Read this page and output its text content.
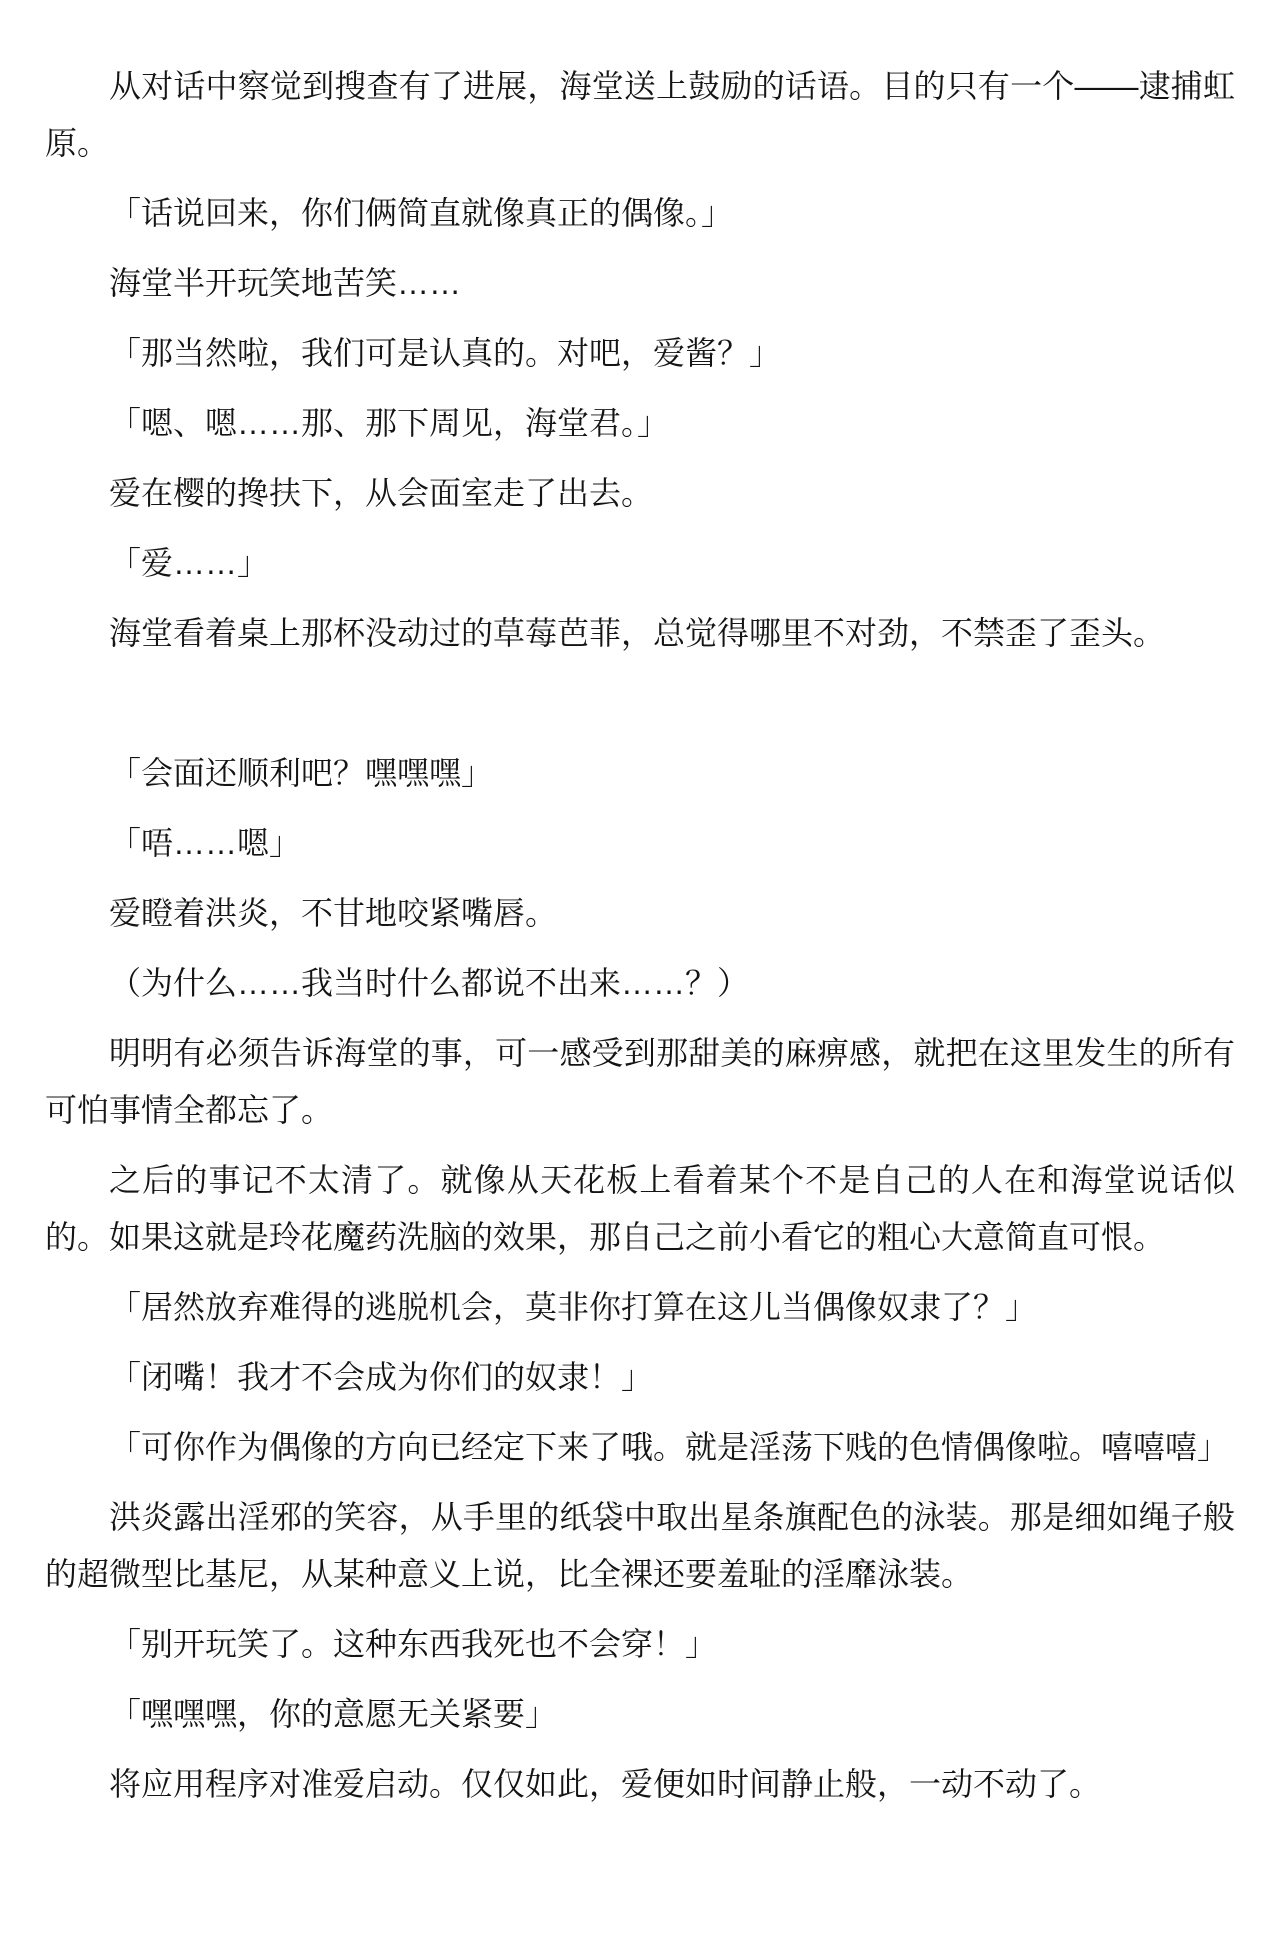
从对话中察觉到搜查有了进展，海堂送上鼓励的话语。目的只有一个——逮捕虹原。

「话说回来，你们俩简直就像真正的偶像。」

海堂半开玩笑地苦笑……

「那当然啦，我们可是认真的。对吧，爱酱？」

「嗯、嗯……那、那下周见，海堂君。」

爱在樱的搀扶下，从会面室走了出去。

「爱……」

海堂看着桌上那杯没动过的草莓芭菲，总觉得哪里不对劲，不禁歪了歪头。

「会面还顺利吧？嘿嘿嘿」

「唔……嗯」

爱瞪着洪炎，不甘地咬紧嘴唇。

（为什么……我当时什么都说不出来……？）

明明有必须告诉海堂的事，可一感受到那甜美的麻痹感，就把在这里发生的所有可怕事情全都忘了。

之后的事记不太清了。就像从天花板上看着某个不是自己的人在和海堂说话似的。如果这就是玲花魔药洗脑的效果，那自己之前小看它的粗心大意简直可恨。

「居然放弃难得的逃脱机会，莫非你打算在这儿当偶像奴隶了？」

「闭嘴！我才不会成为你们的奴隶！」

「可你作为偶像的方向已经定下来了哦。就是淫荡下贱的色情偶像啦。嘻嘻嘻」

洪炎露出淫邪的笑容，从手里的纸袋中取出星条旗配色的泳装。那是细如绳子般的超微型比基尼，从某种意义上说，比全裸还要羞耻的淫靡泳装。

「别开玩笑了。这种东西我死也不会穿！」

「嘿嘿嘿，你的意愿无关紧要」

将应用程序对准爱启动。仅仅如此，爱便如时间静止般，一动不动了。
